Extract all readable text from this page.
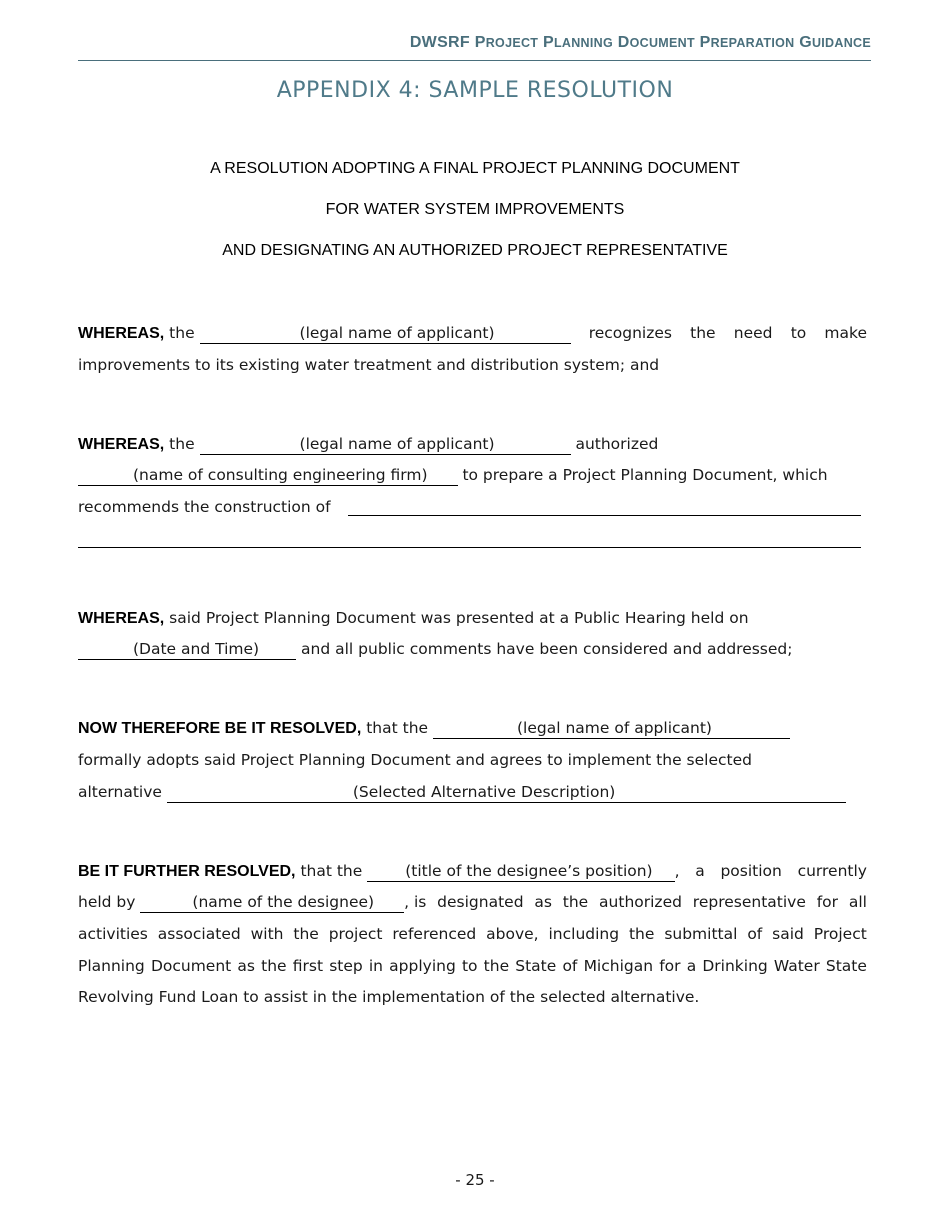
DWSRF PROJECT PLANNING DOCUMENT PREPARATION GUIDANCE
APPENDIX 4: SAMPLE RESOLUTION
A RESOLUTION ADOPTING A FINAL PROJECT PLANNING DOCUMENT
FOR WATER SYSTEM IMPROVEMENTS
AND DESIGNATING AN AUTHORIZED PROJECT REPRESENTATIVE
WHEREAS, the	(legal name of applicant)	recognizes the need to make
improvements to its existing water treatment and distribution system; and
WHEREAS, the	(legal name of applicant)	authorized
(name of consulting engineering firm) to prepare a Project Planning Document, which
recommends the construction of
WHEREAS, said Project Planning Document was presented at a Public Hearing held on
(Date and Time)	and all public comments have been considered and addressed;
NOW THEREFORE BE IT RESOLVED, that the	(legal name of applicant)
formally adopts said Project Planning Document and agrees to implement the selected
alternative	(Selected Alternative Description)
BE IT FURTHER RESOLVED, that the	(title of the designee’s position) , a position currently
held by	(name of the designee) , is designated as the authorized representative for all
activities associated with the project referenced above, including the submittal of said Project
Planning Document as the first step in applying to the State of Michigan for a Drinking Water State
Revolving Fund Loan to assist in the implementation of the selected alternative.
- 25 -
